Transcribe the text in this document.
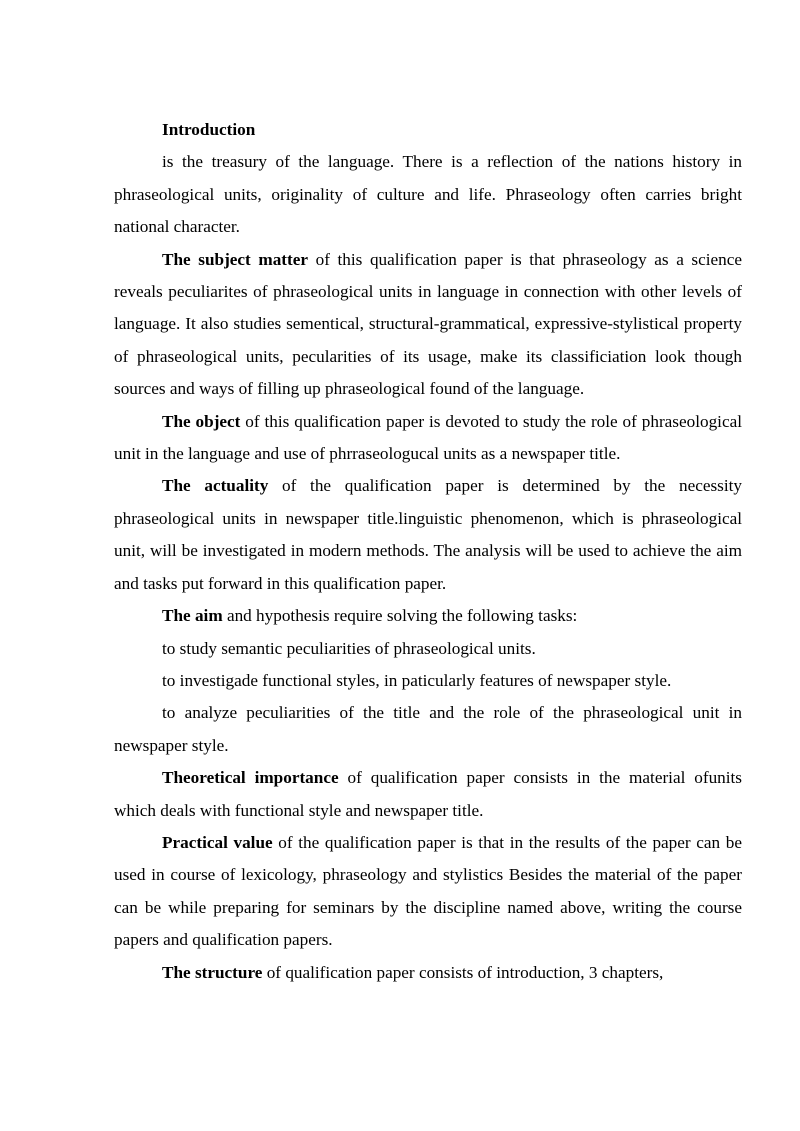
Introduction

is the treasury of the language. There is a reflection of the nations history in phraseological units, originality of culture and life. Phraseology often carries bright national character.

The subject matter of this qualification paper is that phraseology as a science reveals peculiarites of phraseological units in language in connection with other levels of language. It also studies sementical, structural-grammatical, expressive-stylistical property of phraseological units, pecularities of its usage, make its classificiation look though sources and ways of filling up phraseological found of the language.

The object of this qualification paper is devoted to study the role of phraseological unit in the language and use of phrraseologucal units as a newspaper title.

The actuality of the qualification paper is determined by the necessity phraseological units in newspaper title.linguistic phenomenon, which is phraseological unit, will be investigated in modern methods. The analysis will be used to achieve the aim and tasks put forward in this qualification paper.

The aim and hypothesis require solving the following tasks:

to study semantic peculiarities of phraseological units.

to investigade functional styles, in paticularly features of newspaper style.

to analyze peculiarities of the title and the role of the phraseological unit in newspaper style.

Theoretical importance of qualification paper consists in the material ofunits which deals with functional style and newspaper title.

Practical value of the qualification paper is that in the results of the paper can be used in course of lexicology, phraseology and stylistics Besides the material of the paper can be while preparing for seminars by the discipline named above, writing the course papers and qualification papers.

The structure of qualification paper consists of introduction, 3 chapters,
